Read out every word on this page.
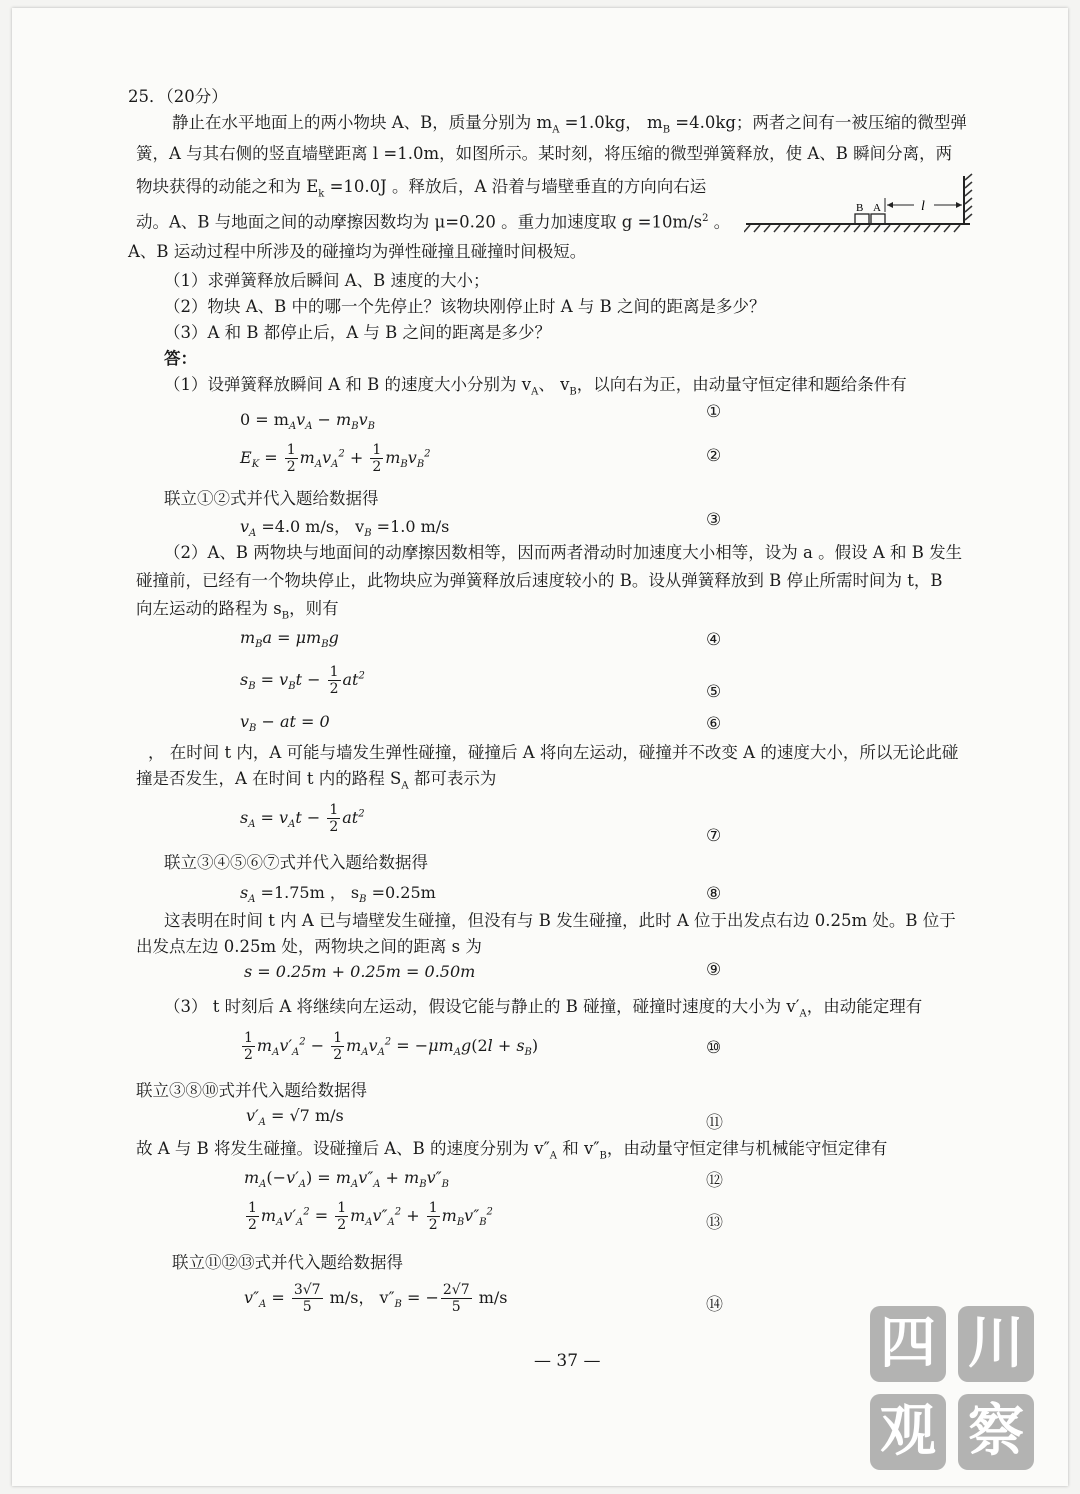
25．（20分）
静止在水平地面上的两小物块 A、B，质量分别为 $m_A =1.0kg$， $m_B =4.0kg$；两者之间有一被压缩的微型弹
簧，A 与其右侧的竖直墙壁距离 l =1.0m，如图所示。某时刻，将压缩的微型弹簧释放，使 A、B 瞬间分离，两
物块获得的动能之和为 $E_k =10.0J$ 。释放后，A 沿着与墙壁垂直的方向向右运
动。A、B 与地面之间的动摩擦因数均为 μ=0.20 。重力加速度取 $g =10m/s^2$ 。
A、B 运动过程中所涉及的碰撞均为弹性碰撞且碰撞时间极短。
B A	l
（1）求弹簧释放后瞬间 A、B 速度的大小；
（2）物块 A、B 中的哪一个先停止？该物块刚停止时 A 与 B 之间的距离是多少？
（3）A 和 B 都停止后，A 与 B 之间的距离是多少？
答：
（1）设弹簧释放瞬间 A 和 B 的速度大小分别为 $v_A$、 $v_B$，以向右为正，由动量守恒定律和题给条件有
$0 = m_Av_A - m_Bv_B$
①
$E_K = \frac{1}{2} m_Av_A^2 + \frac{1}{2} m_Bv_B^2$	②
联立①②式并代入题给数据得
$v_A =4.0$ m/s， $v_B =1.0$ m/s	③
（2）A、B 两物块与地面间的动摩擦因数相等，因而两者滑动时加速度大小相等，设为 a 。假设 A 和 B 发生
碰撞前，已经有一个物块停止，此物块应为弹簧释放后速度较小的 B。设从弹簧释放到 B 停止所需时间为 t，B
向左运动的路程为 $s_B$，则有
$m_Ba = \mu m_Bg$	④
$s_B = v_Bt - \frac{1}{2} at^2$
⑤
$v_B$ − at = 0	⑥
， 在时间 t 内，A 可能与墙发生弹性碰撞，碰撞后 A 将向左运动，碰撞并不改变 A 的速度大小，所以无论此碰
撞是否发生，A 在时间 t 内的路程 $S_A$ 都可表示为
$s_A = v_At - \frac{1}{2} at^2$
⑦
联立③④⑤⑥⑦式并代入题给数据得
$s_A =1.75m$ ， $s_B =0.25m$	⑧
这表明在时间 t 内 A 已与墙壁发生碰撞，但没有与 B 发生碰撞，此时 A 位于出发点右边 0.25m 处。B 位于
出发点左边 0.25m 处，两物块之间的距离 s 为
s = 0.25m + 0.25m = 0.50m	⑨
（3） t 时刻后 A 将继续向左运动，假设它能与静止的 B 碰撞，碰撞时速度的大小为 $v'_A$，由动能定理有
$\frac{1}{2} m_Av'_A^2 - \frac{1}{2} m_Av_A^2 = -\mu m_Ag(2l + s_B)$	⑩
联立③⑧⑩式并代入题给数据得
$v'_A = √7$ m/s	⑪
故 A 与 B 将发生碰撞。设碰撞后 A、B 的速度分别为 $v''_A$ 和 $v''_B$，由动量守恒定律与机械能守恒定律有
$m_A(-v'_A) = m_Av''_A + m_Bv''_B$	⑫
$\frac{1}{2} m_Av'_A^2 = \frac{1}{2} m_Av''_A^2 + \frac{1}{2} m_Bv''_B^2$
⑬
联立⑪⑫⑬式并代入题给数据得
$v''_A = \frac{3√7}{5} m/s$， $v''_B$ = − $\frac{2√7}{5} m/s$	⑭
— 37 —	四 川
观 察
